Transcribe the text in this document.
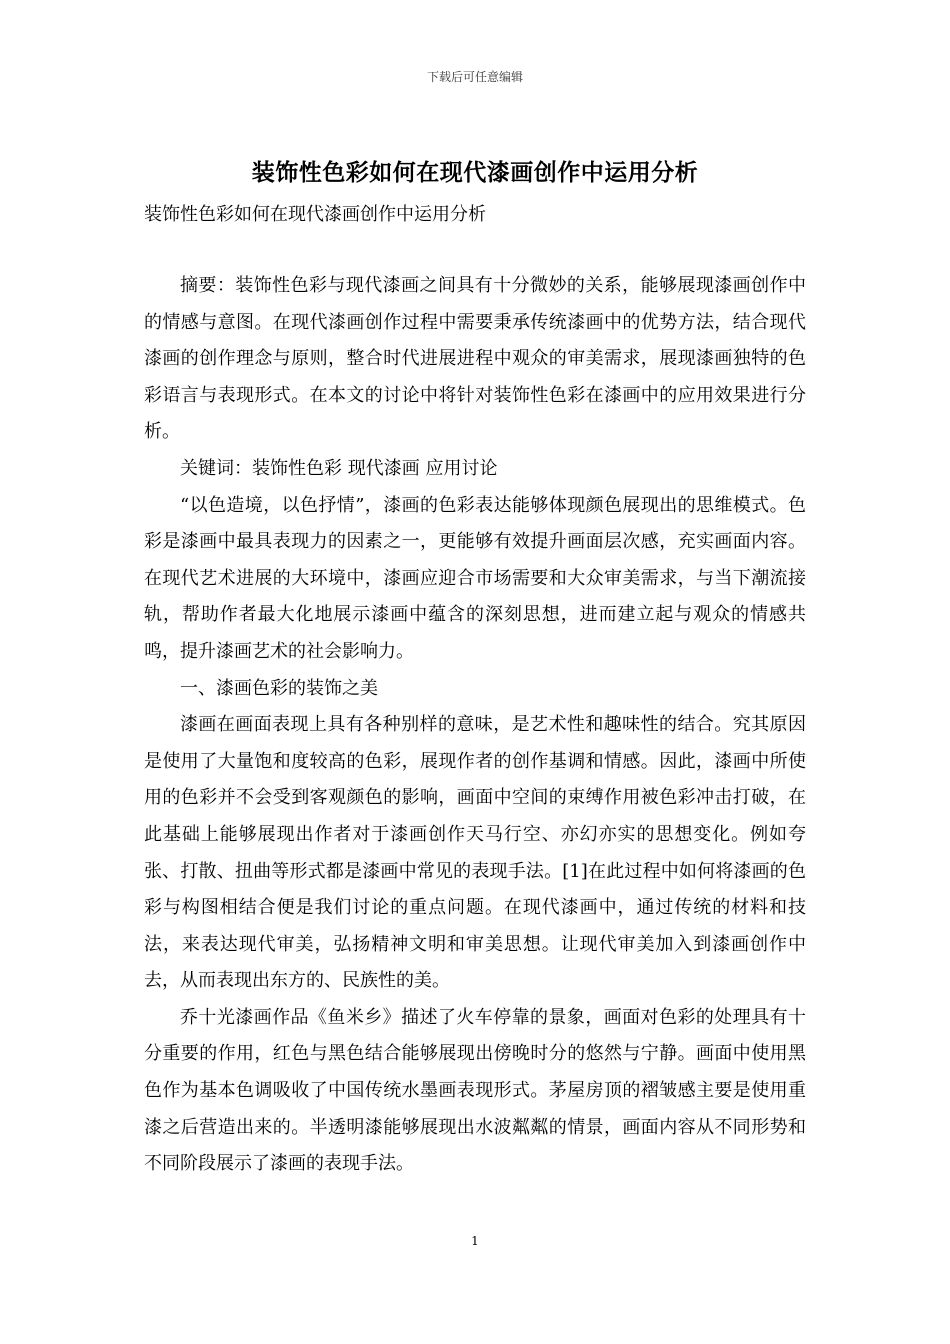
下载后可任意编辑
装饰性色彩如何在现代漆画创作中运用分析
装饰性色彩如何在现代漆画创作中运用分析

摘要：装饰性色彩与现代漆画之间具有十分微妙的关系，能够展现漆画创作中的情感与意图。在现代漆画创作过程中需要秉承传统漆画中的优势方法，结合现代漆画的创作理念与原则，整合时代进展进程中观众的审美需求，展现漆画独特的色彩语言与表现形式。在本文的讨论中将针对装饰性色彩在漆画中的应用效果进行分析。

关键词：装饰性色彩 现代漆画 应用讨论

“以色造境，以色抒情”，漆画的色彩表达能够体现颜色展现出的思维模式。色彩是漆画中最具表现力的因素之一，更能够有效提升画面层次感，充实画面内容。在现代艺术进展的大环境中，漆画应迎合市场需要和大众审美需求，与当下潮流接轨，帮助作者最大化地展示漆画中蕴含的深刻思想，进而建立起与观众的情感共鸣，提升漆画艺术的社会影响力。

一、漆画色彩的装饰之美

漆画在画面表现上具有各种别样的意味，是艺术性和趣味性的结合。究其原因是使用了大量饱和度较高的色彩，展现作者的创作基调和情感。因此，漆画中所使用的色彩并不会受到客观颜色的影响，画面中空间的束缚作用被色彩冲击打破，在此基础上能够展现出作者对于漆画创作天马行空、亦幻亦实的思想变化。例如夸张、打散、扭曲等形式都是漆画中常见的表现手法。[1]在此过程中如何将漆画的色彩与构图相结合便是我们讨论的重点问题。在现代漆画中，通过传统的材料和技法，来表达现代审美，弘扬精神文明和审美思想。让现代审美加入到漆画创作中去，从而表现出东方的、民族性的美。

乔十光漆画作品《鱼米乡》描述了火车停靠的景象，画面对色彩的处理具有十分重要的作用，红色与黑色结合能够展现出傍晚时分的悠然与宁静。画面中使用黑色作为基本色调吸收了中国传统水墨画表现形式。茅屋房顶的褶皱感主要是使用重漆之后营造出来的。半透明漆能够展现出水波粼粼的情景，画面内容从不同形势和不同阶段展示了漆画的表现手法。

1
